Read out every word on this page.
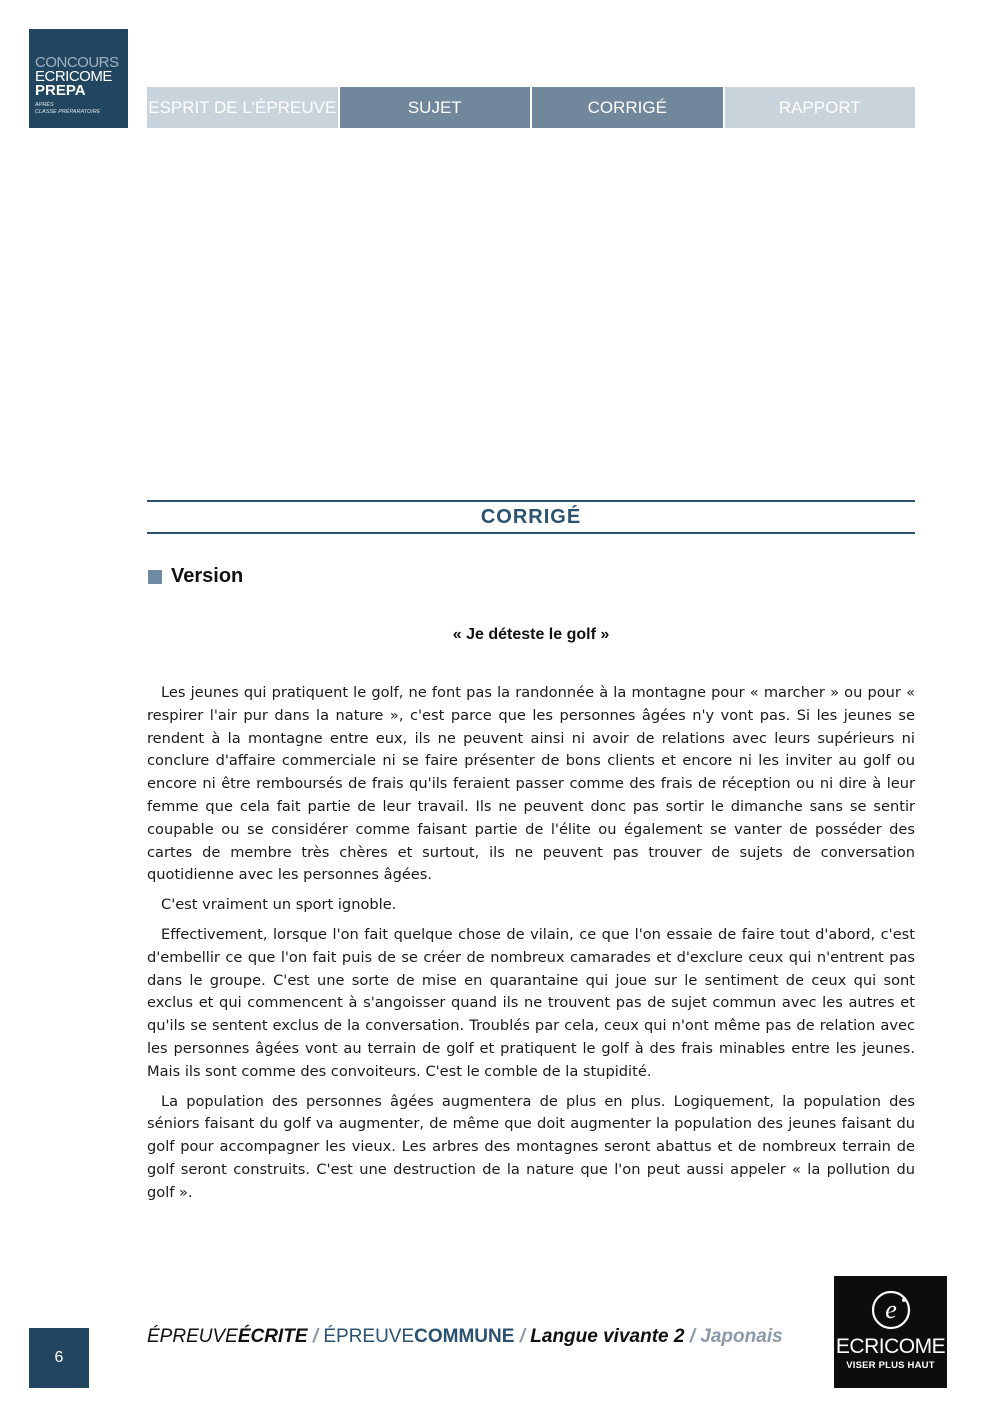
CONCOURS
ECRICOME
PREPA
APRÈS
CLASSE PRÉPARATOIRE	ESPRIT DE L'ÉPREUVE	SUJET	CORRIGÉ	RAPPORT
CORRIGÉ
Version
« Je déteste le golf »

Les jeunes qui pratiquent le golf, ne font pas la randonnée à la montagne pour « marcher » ou pour « respirer l'air pur dans la nature », c'est parce que les personnes âgées n'y vont pas. Si les jeunes se rendent à la montagne entre eux, ils ne peuvent ainsi ni avoir de relations avec leurs supérieurs ni conclure d'affaire commerciale ni se faire présenter de bons clients et encore ni les inviter au golf ou encore ni être remboursés de frais qu'ils feraient passer comme des frais de réception ou ni dire à leur femme que cela fait partie de leur travail. Ils ne peuvent donc pas sortir le dimanche sans se sentir coupable ou se considérer comme faisant partie de l'élite ou également se vanter de posséder des cartes de membre très chères et surtout, ils ne peuvent pas trouver de sujets de conversation quotidienne avec les personnes âgées.

C'est vraiment un sport ignoble.

Effectivement, lorsque l'on fait quelque chose de vilain, ce que l'on essaie de faire tout d'abord, c'est d'embellir ce que l'on fait puis de se créer de nombreux camarades et d'exclure ceux qui n'entrent pas dans le groupe. C'est une sorte de mise en quarantaine qui joue sur le sentiment de ceux qui sont exclus et qui commencent à s'angoisser quand ils ne trouvent pas de sujet commun avec les autres et qu'ils se sentent exclus de la conversation. Troublés par cela, ceux qui n'ont même pas de relation avec les personnes âgées vont au terrain de golf et pratiquent le golf à des frais minables entre les jeunes. Mais ils sont comme des convoiteurs. C'est le comble de la stupidité.

La population des personnes âgées augmentera de plus en plus. Logiquement, la population des séniors faisant du golf va augmenter, de même que doit augmenter la population des jeunes faisant du golf pour accompagner les vieux. Les arbres des montagnes seront abattus et de nombreux terrain de golf seront construits. C'est une destruction de la nature que l'on peut aussi appeler « la pollution du golf ».

6
ÉPREUVEÉCRITE / ÉPREUVECOMMUNE / Langue vivante 2 / Japonais
e
ECRICOME
VISER PLUS HAUT
